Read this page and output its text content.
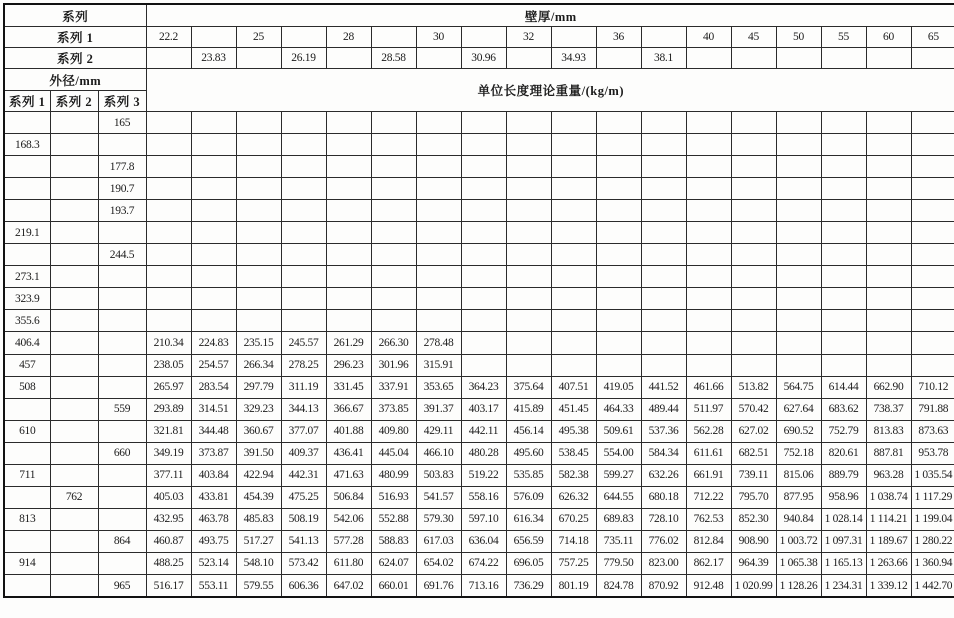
系列			壁厚/mm																	
系列 1			22.2		25		28		30		32		36		40	45	50	55	60	65
系列 2				23.83		26.19		28.58		30.96		34.93		38.1						
外径/mm			单位长度理论重量/(kg/m)																	
系列 1	系列 2	系列 3																		
		165																		
168.3																				
		177.8																		
		190.7																		
		193.7																		
219.1																				
		244.5																		
273.1																				
323.9																				
355.6																				
406.4			210.34	224.83	235.15	245.57	261.29	266.30	278.48											
457			238.05	254.57	266.34	278.25	296.23	301.96	315.91											
508			265.97	283.54	297.79	311.19	331.45	337.91	353.65	364.23	375.64	407.51	419.05	441.52	461.66	513.82	564.75	614.44	662.90	710.12
		559	293.89	314.51	329.23	344.13	366.67	373.85	391.37	403.17	415.89	451.45	464.33	489.44	511.97	570.42	627.64	683.62	738.37	791.88
610			321.81	344.48	360.67	377.07	401.88	409.80	429.11	442.11	456.14	495.38	509.61	537.36	562.28	627.02	690.52	752.79	813.83	873.63
		660	349.19	373.87	391.50	409.37	436.41	445.04	466.10	480.28	495.60	538.45	554.00	584.34	611.61	682.51	752.18	820.61	887.81	953.78
711			377.11	403.84	422.94	442.31	471.63	480.99	503.83	519.22	535.85	582.38	599.27	632.26	661.91	739.11	815.06	889.79	963.28	1 035.54
	762		405.03	433.81	454.39	475.25	506.84	516.93	541.57	558.16	576.09	626.32	644.55	680.18	712.22	795.70	877.95	958.96	1 038.74	1 117.29
813			432.95	463.78	485.83	508.19	542.06	552.88	579.30	597.10	616.34	670.25	689.83	728.10	762.53	852.30	940.84	1 028.14	1 114.21	1 199.04
		864	460.87	493.75	517.27	541.13	577.28	588.83	617.03	636.04	656.59	714.18	735.11	776.02	812.84	908.90	1 003.72	1 097.31	1 189.67	1 280.22
914			488.25	523.14	548.10	573.42	611.80	624.07	654.02	674.22	696.05	757.25	779.50	823.00	862.17	964.39	1 065.38	1 165.13	1 263.66	1 360.94
		965	516.17	553.11	579.55	606.36	647.02	660.01	691.76	713.16	736.29	801.19	824.78	870.92	912.48	1 020.99	1 128.26	1 234.31	1 339.12	1 442.70
